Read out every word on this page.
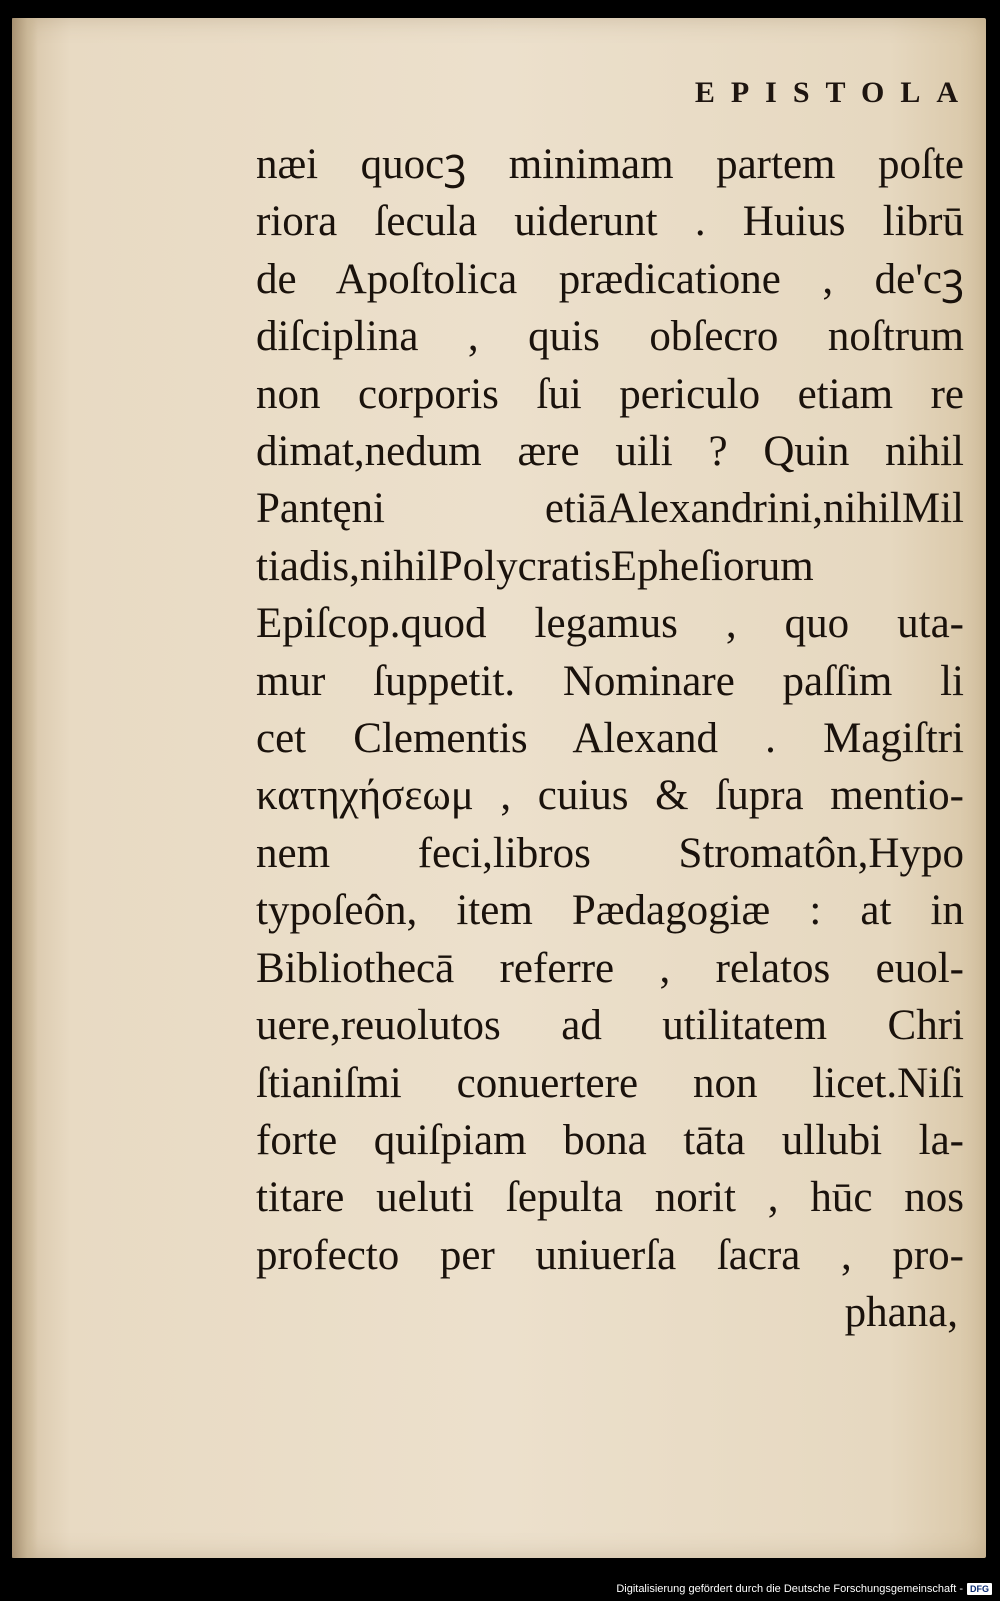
EPISTOLA
næi quocꝫ minimam partem poſte
riora ſecula uiderunt . Huius librū
de Apoſtolica prædicatione , de'cꝫ
diſciplina , quis obſecro noſtrum
non corporis ſui periculo etiam re
dimat,nedum ære uili ? Quin nihil
Pantęni etiāAlexandrini,nihilMil
tiadis,nihilPolycratisEpheſiorum
Epiſcop.quod legamus , quo uta-
mur ſuppetit. Nominare paſſim li
cet Clementis Alexand . Magiſtri
κατηχήσεωμ , cuius & ſupra mentio-
nem feci,libros Stromatôn,Hypo
typoſeôn, item Pædagogiæ : at in
Bibliothecā referre , relatos euol-
uere,reuolutos ad utilitatem Chri
ſtianiſmi conuertere non licet.Niſi
forte quiſpiam bona tāta ullubi la-
titare ueluti ſepulta norit , hūc nos
profecto per uniuerſa ſacra , pro-
phana,
Digitalisierung gefördert durch die Deutsche Forschungsgemeinschaft - DFG
